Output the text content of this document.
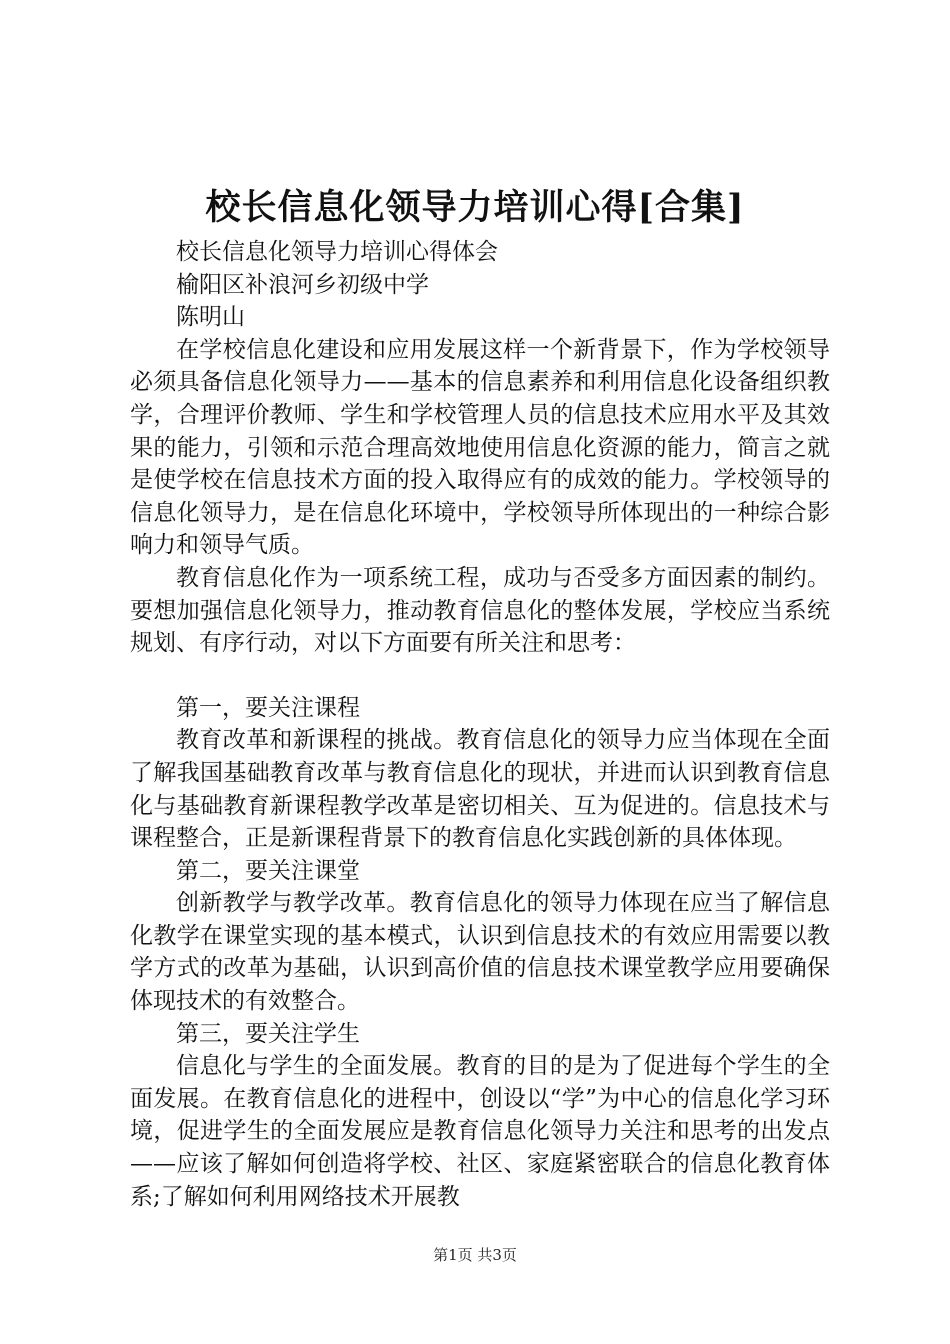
校长信息化领导力培训心得[合集]

校长信息化领导力培训心得体会

榆阳区补浪河乡初级中学

陈明山

在学校信息化建设和应用发展这样一个新背景下，作为学校领导必须具备信息化领导力——基本的信息素养和利用信息化设备组织教学，合理评价教师、学生和学校管理人员的信息技术应用水平及其效果的能力，引领和示范合理高效地使用信息化资源的能力，简言之就是使学校在信息技术方面的投入取得应有的成效的能力。学校领导的信息化领导力，是在信息化环境中，学校领导所体现出的一种综合影响力和领导气质。

教育信息化作为一项系统工程，成功与否受多方面因素的制约。要想加强信息化领导力，推动教育信息化的整体发展，学校应当系统规划、有序行动，对以下方面要有所关注和思考：

第一，要关注课程

教育改革和新课程的挑战。教育信息化的领导力应当体现在全面了解我国基础教育改革与教育信息化的现状，并进而认识到教育信息化与基础教育新课程教学改革是密切相关、互为促进的。信息技术与课程整合，正是新课程背景下的教育信息化实践创新的具体体现。

第二，要关注课堂

创新教学与教学改革。教育信息化的领导力体现在应当了解信息化教学在课堂实现的基本模式，认识到信息技术的有效应用需要以教学方式的改革为基础，认识到高价值的信息技术课堂教学应用要确保体现技术的有效整合。

第三，要关注学生

信息化与学生的全面发展。教育的目的是为了促进每个学生的全面发展。在教育信息化的进程中，创设以“学”为中心的信息化学习环境，促进学生的全面发展应是教育信息化领导力关注和思考的出发点——应该了解如何创造将学校、社区、家庭紧密联合的信息化教育体系;了解如何利用网络技术开展教

第1页 共3页
